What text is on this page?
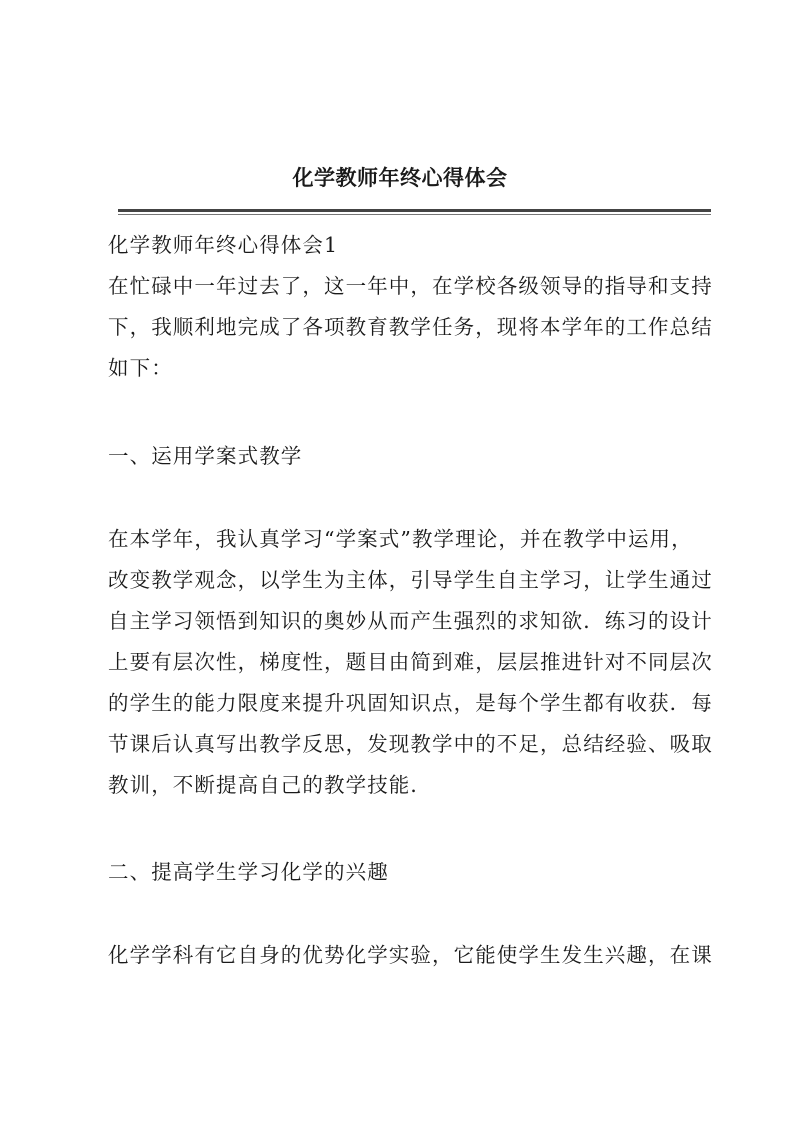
化学教师年终心得体会
化学教师年终心得体会1
在忙碌中一年过去了，这一年中，在学校各级领导的指导和支持
下，我顺利地完成了各项教育教学任务，现将本学年的工作总结
如下：
一、运用学案式教学
在本学年，我认真学习“学案式”教学理论，并在教学中运用，
改变教学观念，以学生为主体，引导学生自主学习，让学生通过
自主学习领悟到知识的奥妙从而产生强烈的求知欲．练习的设计
上要有层次性，梯度性，题目由简到难，层层推进针对不同层次
的学生的能力限度来提升巩固知识点，是每个学生都有收获．每
节课后认真写出教学反思，发现教学中的不足，总结经验、吸取
教训，不断提高自己的教学技能．
二、提高学生学习化学的兴趣
化学学科有它自身的优势化学实验，它能使学生发生兴趣，在课
